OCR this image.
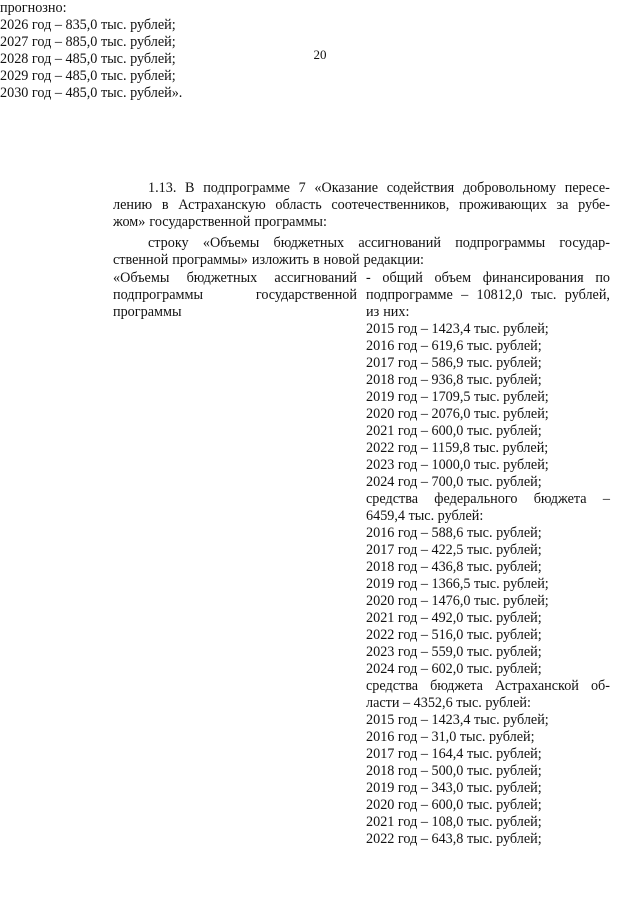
20
прогнозно:
2026 год – 835,0 тыс. рублей;
2027 год – 885,0 тыс. рублей;
2028 год – 485,0 тыс. рублей;
2029 год – 485,0 тыс. рублей;
2030 год – 485,0 тыс. рублей».
1.13. В подпрограмме 7 «Оказание содействия добровольному пересе-
лению в Астраханскую область соотечественников, проживающих за рубе-
жом» государственной программы:
строку «Объемы бюджетных ассигнований подпрограммы государ-
ственной программы» изложить в новой редакции:
«Объемы бюджетных ассигнований
подпрограммы	государственной
программы
- общий объем финансирования по
подпрограмме – 10812,0 тыс. рублей,
из них:
2015 год – 1423,4 тыс. рублей;
2016 год – 619,6 тыс. рублей;
2017 год – 586,9 тыс. рублей;
2018 год – 936,8 тыс. рублей;
2019 год – 1709,5 тыс. рублей;
2020 год – 2076,0 тыс. рублей;
2021 год – 600,0 тыс. рублей;
2022 год – 1159,8 тыс. рублей;
2023 год – 1000,0 тыс. рублей;
2024 год – 700,0 тыс. рублей;
средства федерального бюджета –
6459,4 тыс. рублей:
2016 год – 588,6 тыс. рублей;
2017 год – 422,5 тыс. рублей;
2018 год – 436,8 тыс. рублей;
2019 год – 1366,5 тыс. рублей;
2020 год – 1476,0 тыс. рублей;
2021 год – 492,0 тыс. рублей;
2022 год – 516,0 тыс. рублей;
2023 год – 559,0 тыс. рублей;
2024 год – 602,0 тыс. рублей;
средства бюджета Астраханской об-
ласти – 4352,6 тыс. рублей:
2015 год – 1423,4 тыс. рублей;
2016 год – 31,0 тыс. рублей;
2017 год – 164,4 тыс. рублей;
2018 год – 500,0 тыс. рублей;
2019 год – 343,0 тыс. рублей;
2020 год – 600,0 тыс. рублей;
2021 год – 108,0 тыс. рублей;
2022 год – 643,8 тыс. рублей;
